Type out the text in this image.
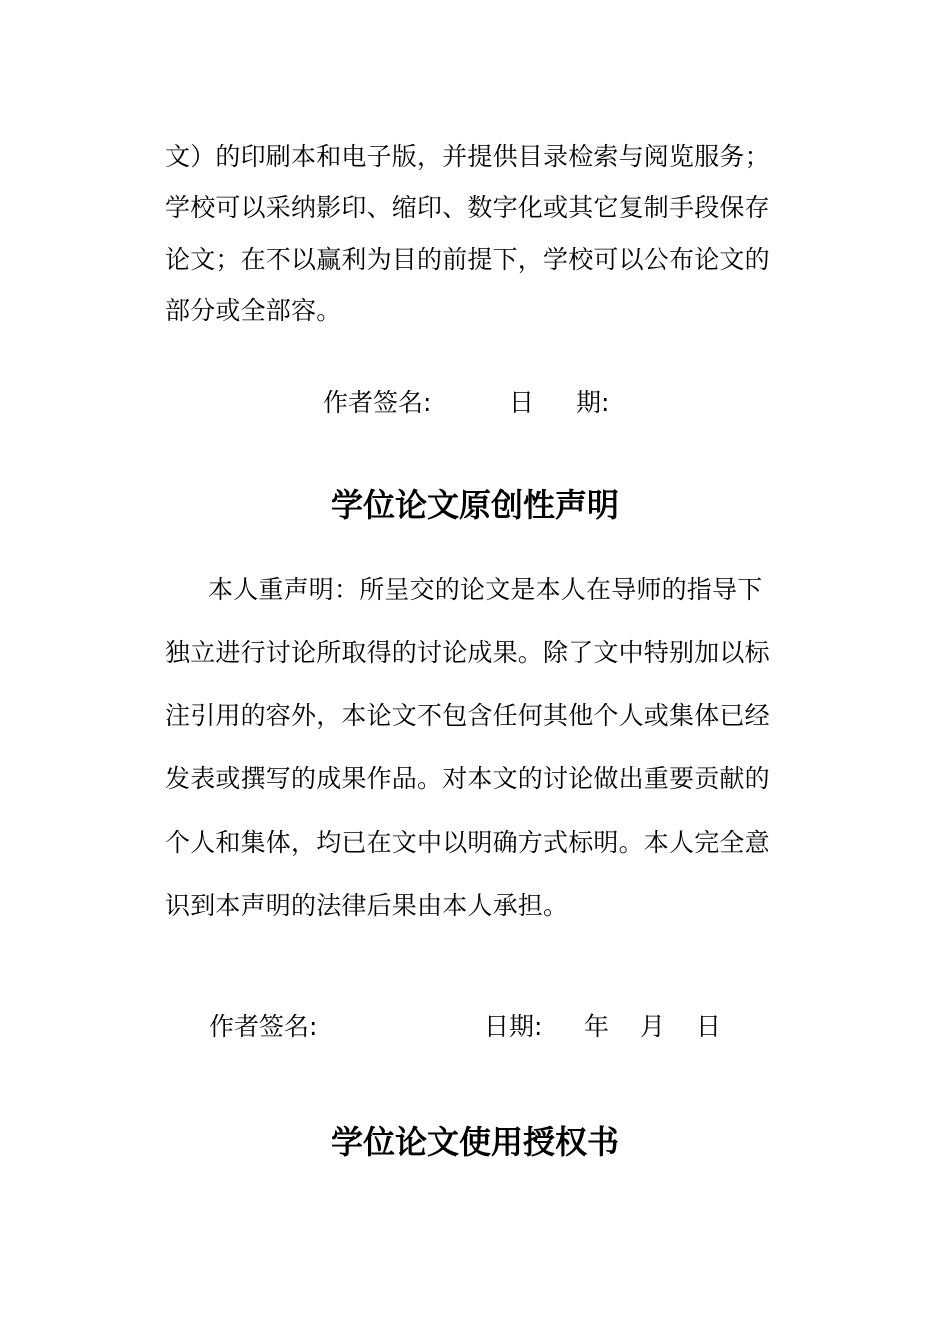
文）的印刷本和电子版，并提供目录检索与阅览服务；
学校可以采纳影印、缩印、数字化或其它复制手段保存
论文；在不以赢利为目的前提下，学校可以公布论文的
部分或全部容。
作者签名:	日 期:
学位论文原创性声明
本人重声明：所呈交的论文是本人在导师的指导下
独立进行讨论所取得的讨论成果。除了文中特别加以标
注引用的容外，本论文不包含任何其他个人或集体已经
发表或撰写的成果作品。对本文的讨论做出重要贡献的
个人和集体，均已在文中以明确方式标明。本人完全意
识到本声明的法律后果由本人承担。
作者签名:	日期: 年 月 日
学位论文使用授权书
